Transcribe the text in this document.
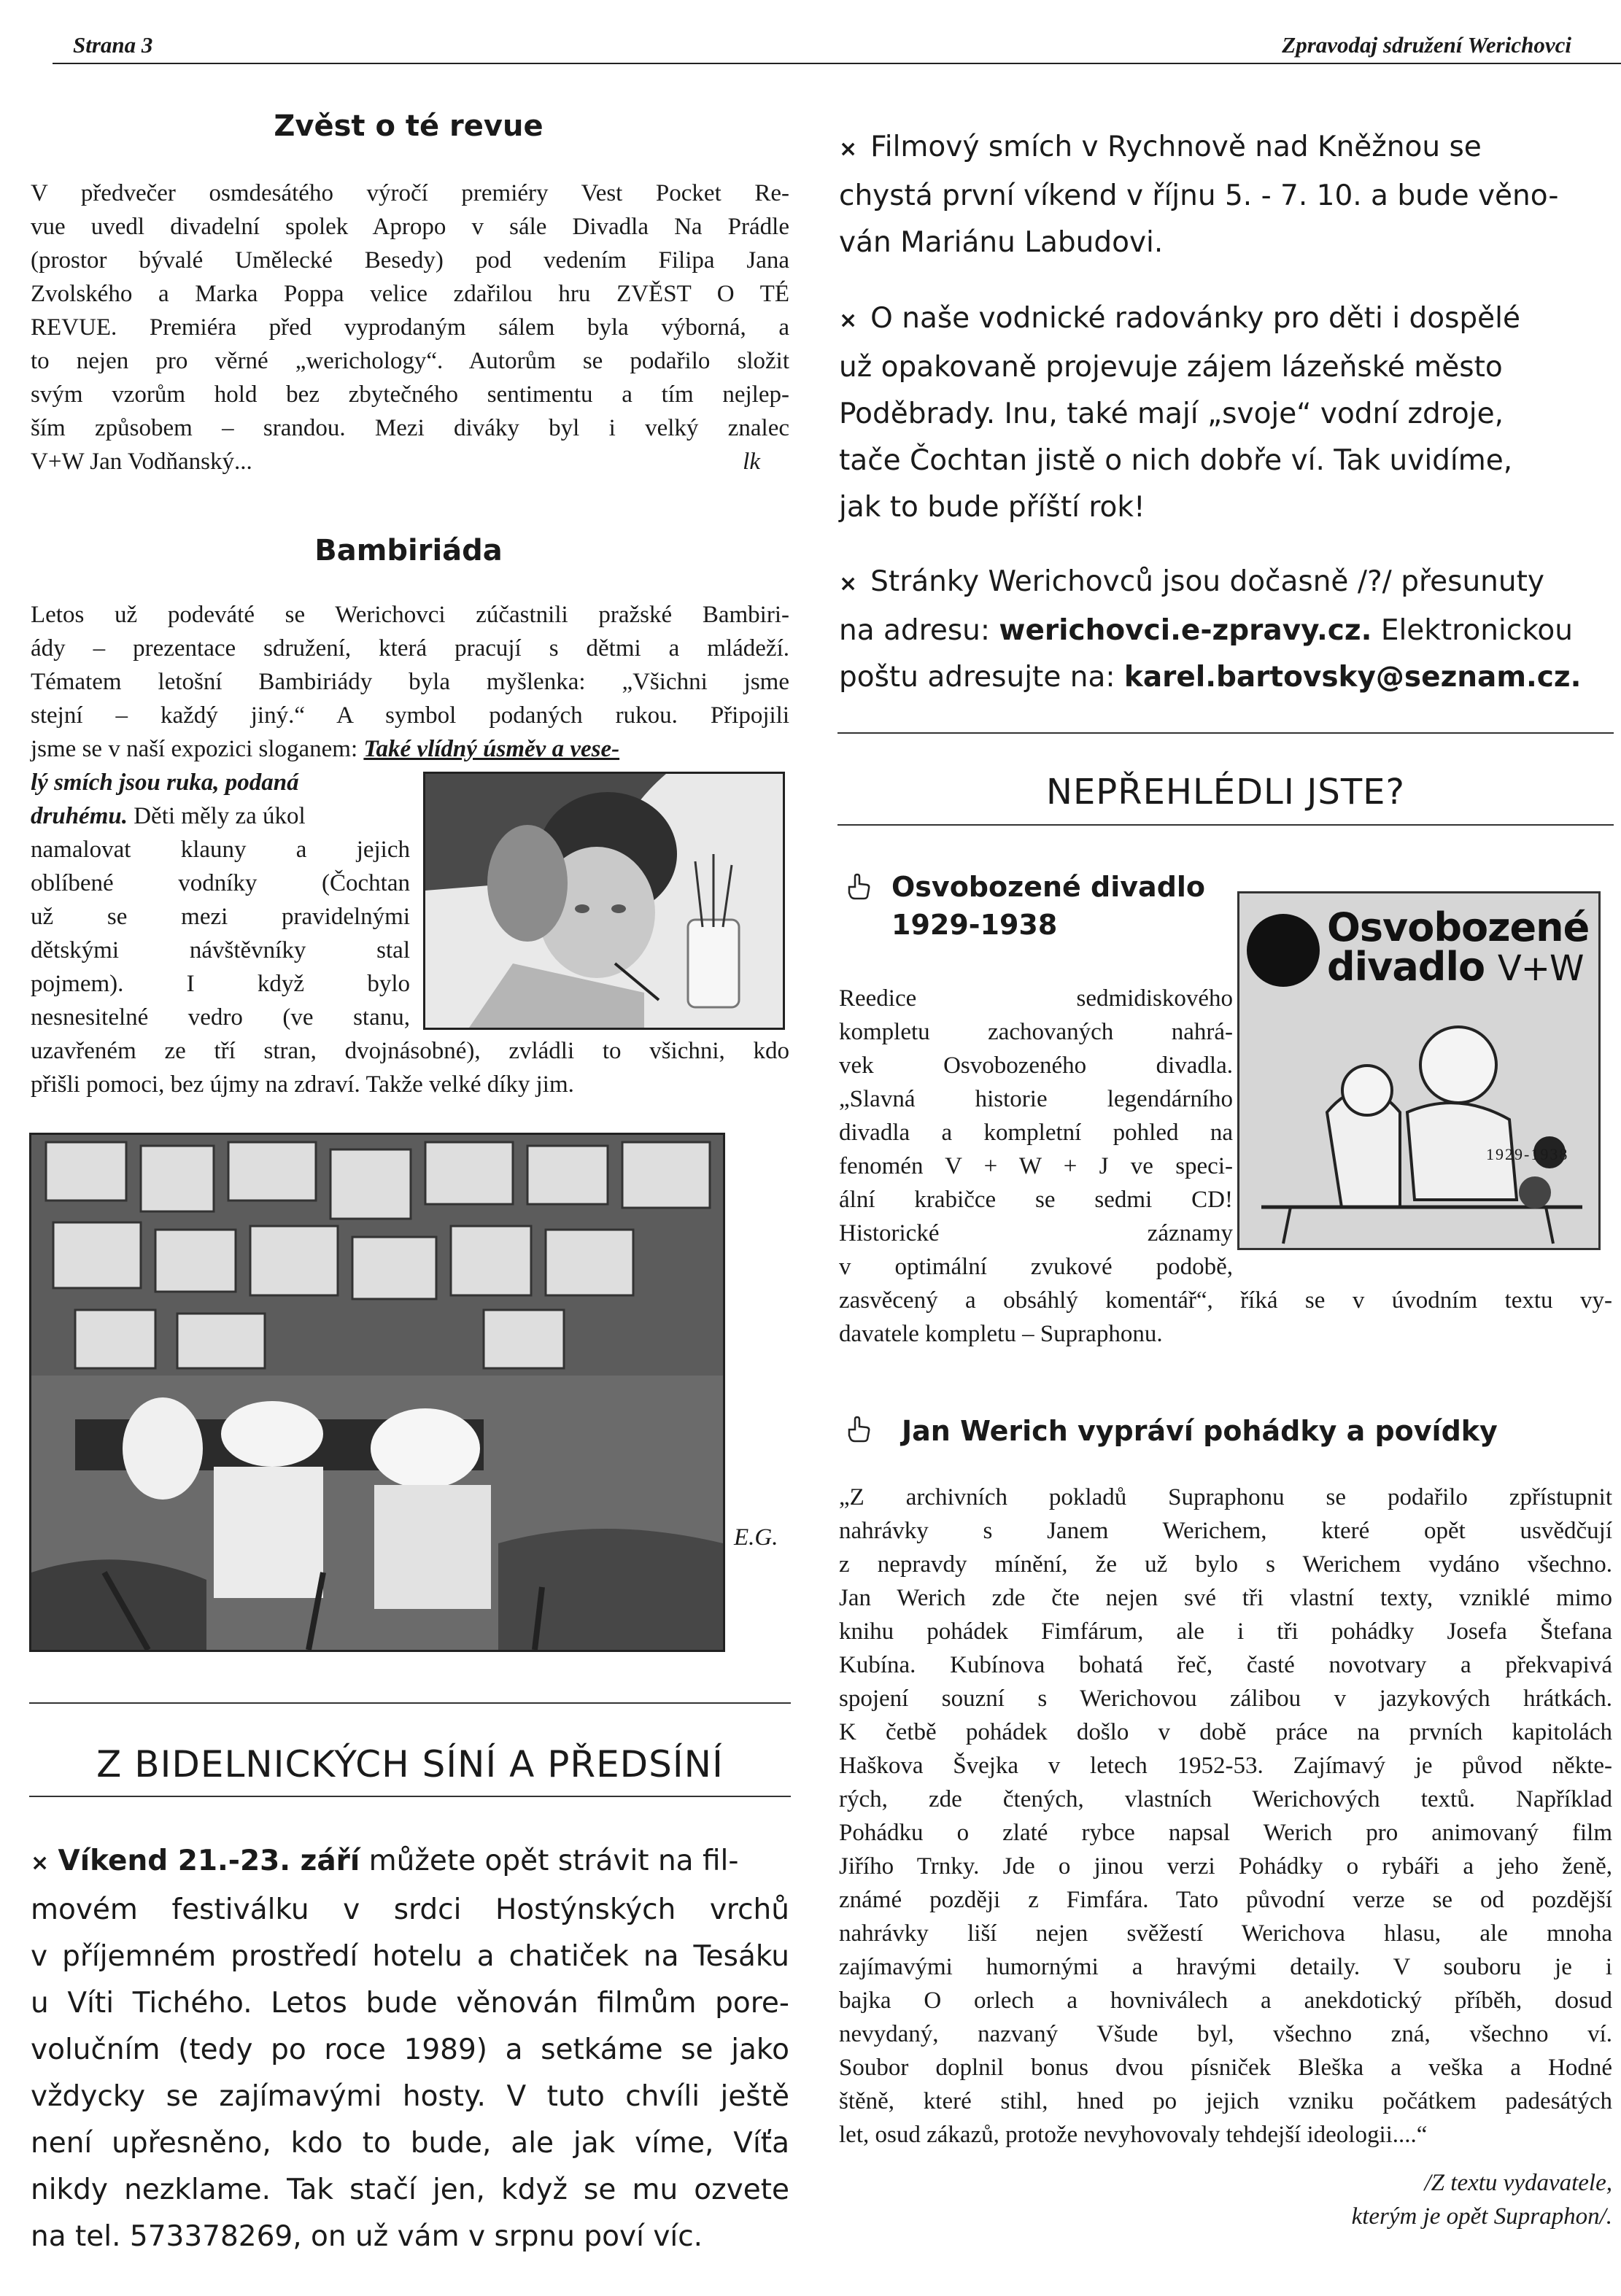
Strana 3	Zpravodaj sdružení Werichovci
Zvěst o té revue
V předvečer osmdesátého výročí premiéry Vest Pocket Re-
vue uvedl divadelní spolek Apropo v sále Divadla Na Prádle
(prostor bývalé Umělecké Besedy) pod vedením Filipa Jana
Zvolského a Marka Poppa velice zdařilou hru ZVĚST O TÉ
REVUE. Premiéra před vyprodaným sálem byla výborná, a
to nejen pro věrné „werichology“. Autorům se podařilo složit
svým vzorům hold bez zbytečného sentimentu a tím nejlep-
ším způsobem – srandou. Mezi diváky byl i velký znalec
V+W Jan Vodňanský...	lk
Bambiriáda
Letos už podeváté se Werichovci zúčastnili pražské Bambiri-
ády – prezentace sdružení, která pracují s dětmi a mládeží.
Tématem letošní Bambiriády byla myšlenka: „Všichni jsme
stejní – každý jiný.“ A symbol podaných rukou. Připojili
jsme se v naší expozici sloganem: Také vlídný úsměv a vese-
lý smích jsou ruka, podaná
druhému. Děti měly za úkol
namalovat klauny a jejich
oblíbené vodníky (Čochtan
už se mezi pravidelnými
dětskými návštěvníky stal
pojmem). I když bylo
nesnesitelné vedro (ve stanu,
uzavřeném ze tří stran, dvojnásobné), zvládli to všichni, kdo
přišli pomoci, bez újmy na zdraví. Takže velké díky jim.
E.G.
Z BIDELNICKÝCH SÍNÍ A PŘEDSÍNÍ
× Víkend 21.-23. září můžete opět strávit na fil-
movém festiválku v srdci Hostýnských vrchů
v příjemném prostředí hotelu a chatiček na Tesáku
u Víti Tichého. Letos bude věnován filmům pore-
volučním (tedy po roce 1989) a setkáme se jako
vždycky se zajímavými hosty. V tuto chvíli ještě
není upřesněno, kdo to bude, ale jak víme, Víťa
nikdy nezklame. Tak stačí jen, když se mu ozvete
na tel. 573378269, on už vám v srpnu poví víc.
× Filmový smích v Rychnově nad Kněžnou se
chystá první víkend v říjnu 5. - 7. 10. a bude věno-
ván Mariánu Labudovi.
× O naše vodnické radovánky pro děti i dospělé
už opakovaně projevuje zájem lázeňské město
Poděbrady. Inu, také mají „svoje“ vodní zdroje,
tače Čochtan jistě o nich dobře ví. Tak uvidíme,
jak to bude příští rok!
× Stránky Werichovců jsou dočasně /?/ přesunuty
na adresu: werichovci.e-zpravy.cz. Elektronickou
poštu adresujte na: karel.bartovsky@seznam.cz.
NEPŘEHLÉDLI JSTE?
Osvobozené divadlo
1929-1938	Osvobozené
divadlo V+W
1929-1938
Reedice sedmidiskového
kompletu zachovaných nahrá-
vek Osvobozeného divadla.
„Slavná historie legendárního
divadla a kompletní pohled na
fenomén V + W + J ve speci-
ální krabičce se sedmi CD!
Historické záznamy
v optimální zvukové podobě,
zasvěcený a obsáhlý komentář“, říká se v úvodním textu vy-
davatele kompletu – Supraphonu.
Jan Werich vypráví pohádky a povídky
„Z archivních pokladů Supraphonu se podařilo zpřístupnit
nahrávky s Janem Werichem, které opět usvědčují
z nepravdy mínění, že už bylo s Werichem vydáno všechno.
Jan Werich zde čte nejen své tři vlastní texty, vzniklé mimo
knihu pohádek Fimfárum, ale i tři pohádky Josefa Štefana
Kubína. Kubínova bohatá řeč, časté novotvary a překvapivá
spojení souzní s Werichovou zálibou v jazykových hrátkách.
K četbě pohádek došlo v době práce na prvních kapitolách
Haškova Švejka v letech 1952-53. Zajímavý je původ někte-
rých, zde čtených, vlastních Werichových textů. Například
Pohádku o zlaté rybce napsal Werich pro animovaný film
Jiřího Trnky. Jde o jinou verzi Pohádky o rybáři a jeho ženě,
známé později z Fimfára. Tato původní verze se od pozdější
nahrávky liší nejen svěžestí Werichova hlasu, ale mnoha
zajímavými humornými a hravými detaily. V souboru je i
bajka O orlech a hovniválech a anekdotický příběh, dosud
nevydaný, nazvaný Všude byl, všechno zná, všechno ví.
Soubor doplnil bonus dvou písniček Bleška a veška a Hodné
štěně, které stihl, hned po jejich vzniku počátkem padesátých
let, osud zákazů, protože nevyhovovaly tehdejší ideologii....“
/Z textu vydavatele,
kterým je opět Supraphon/.
